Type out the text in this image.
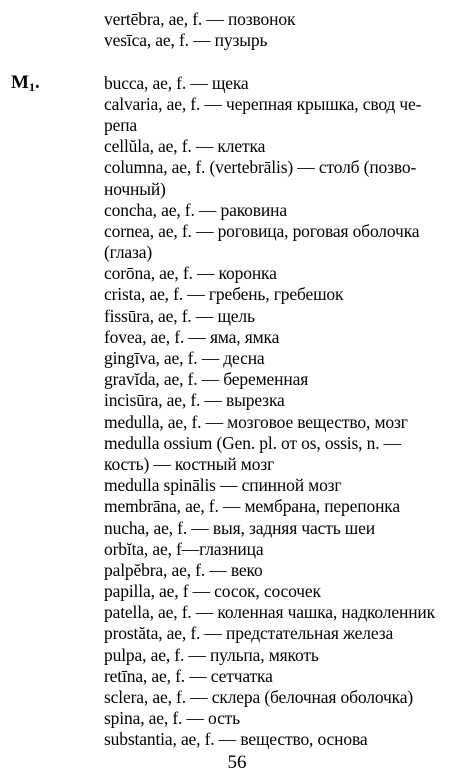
$M_1$.
vertēbra, ae, f. — позвонок
vesīca, ae, f. — пузырь
bucca, ae, f. — щека
calvaria, ae, f. — черепная крышка, свод че-
репа
cellŭla, ae, f. — клетка
columna, ae, f. (vertebrālis) — столб (позво-
ночный)
concha, ae, f. — раковина
cornea, ae, f. — роговица, роговая оболочка
(глаза)
corōna, ae, f. — коронка
crista, ae, f. — гребень, гребешок
fissūra, ae, f. — щель
fovea, ae, f. — яма, ямка
gingīva, ae, f. — десна
gravĭda, ae, f. — беременная
incisūra, ae, f. — вырезка
medulla, ae, f. — мозговое вещество, мозг
medulla ossium (Gen. pl. от os, ossis, n. —
кость) — костный мозг
medulla spinālis — спинной мозг
membrāna, ae, f. — мембрана, перепонка
nucha, ae, f. — выя, задняя часть шеи
orbĭta, ae, f—глазница
palpĕbra, ae, f. — веко
papilla, ae, f — сосок, сосочек
patella, ae, f. — коленная чашка, надколенник
prostăta, ae, f. — предстательная железа
pulpa, ae, f. — пульпа, мякоть
retīna, ae, f. — сетчатка
sclera, ae, f. — склера (белочная оболочка)
spina, ae, f. — ость
substantia, ae, f. — вещество, основа
56
